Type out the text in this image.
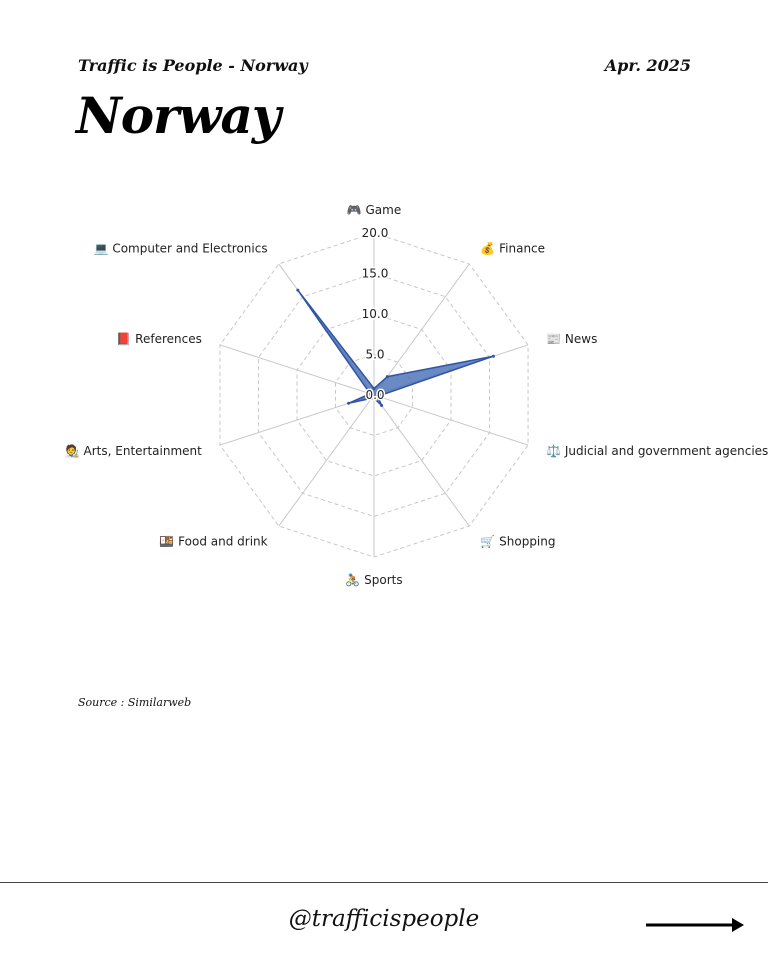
Traffic is People - Norway	Apr. 2025
Norway
0.0
5.0
10.0
15.0
20.0
🎮 Game
💰 Finance
📰 News
⚖️ Judicial and government agencies
🛒 Shopping
🚴🏽 Sports
🍱 Food and drink
🧑‍🎨 Arts, Entertainment
📕 References
💻 Computer and Electronics
Source : Similarweb
@trafficispeople
